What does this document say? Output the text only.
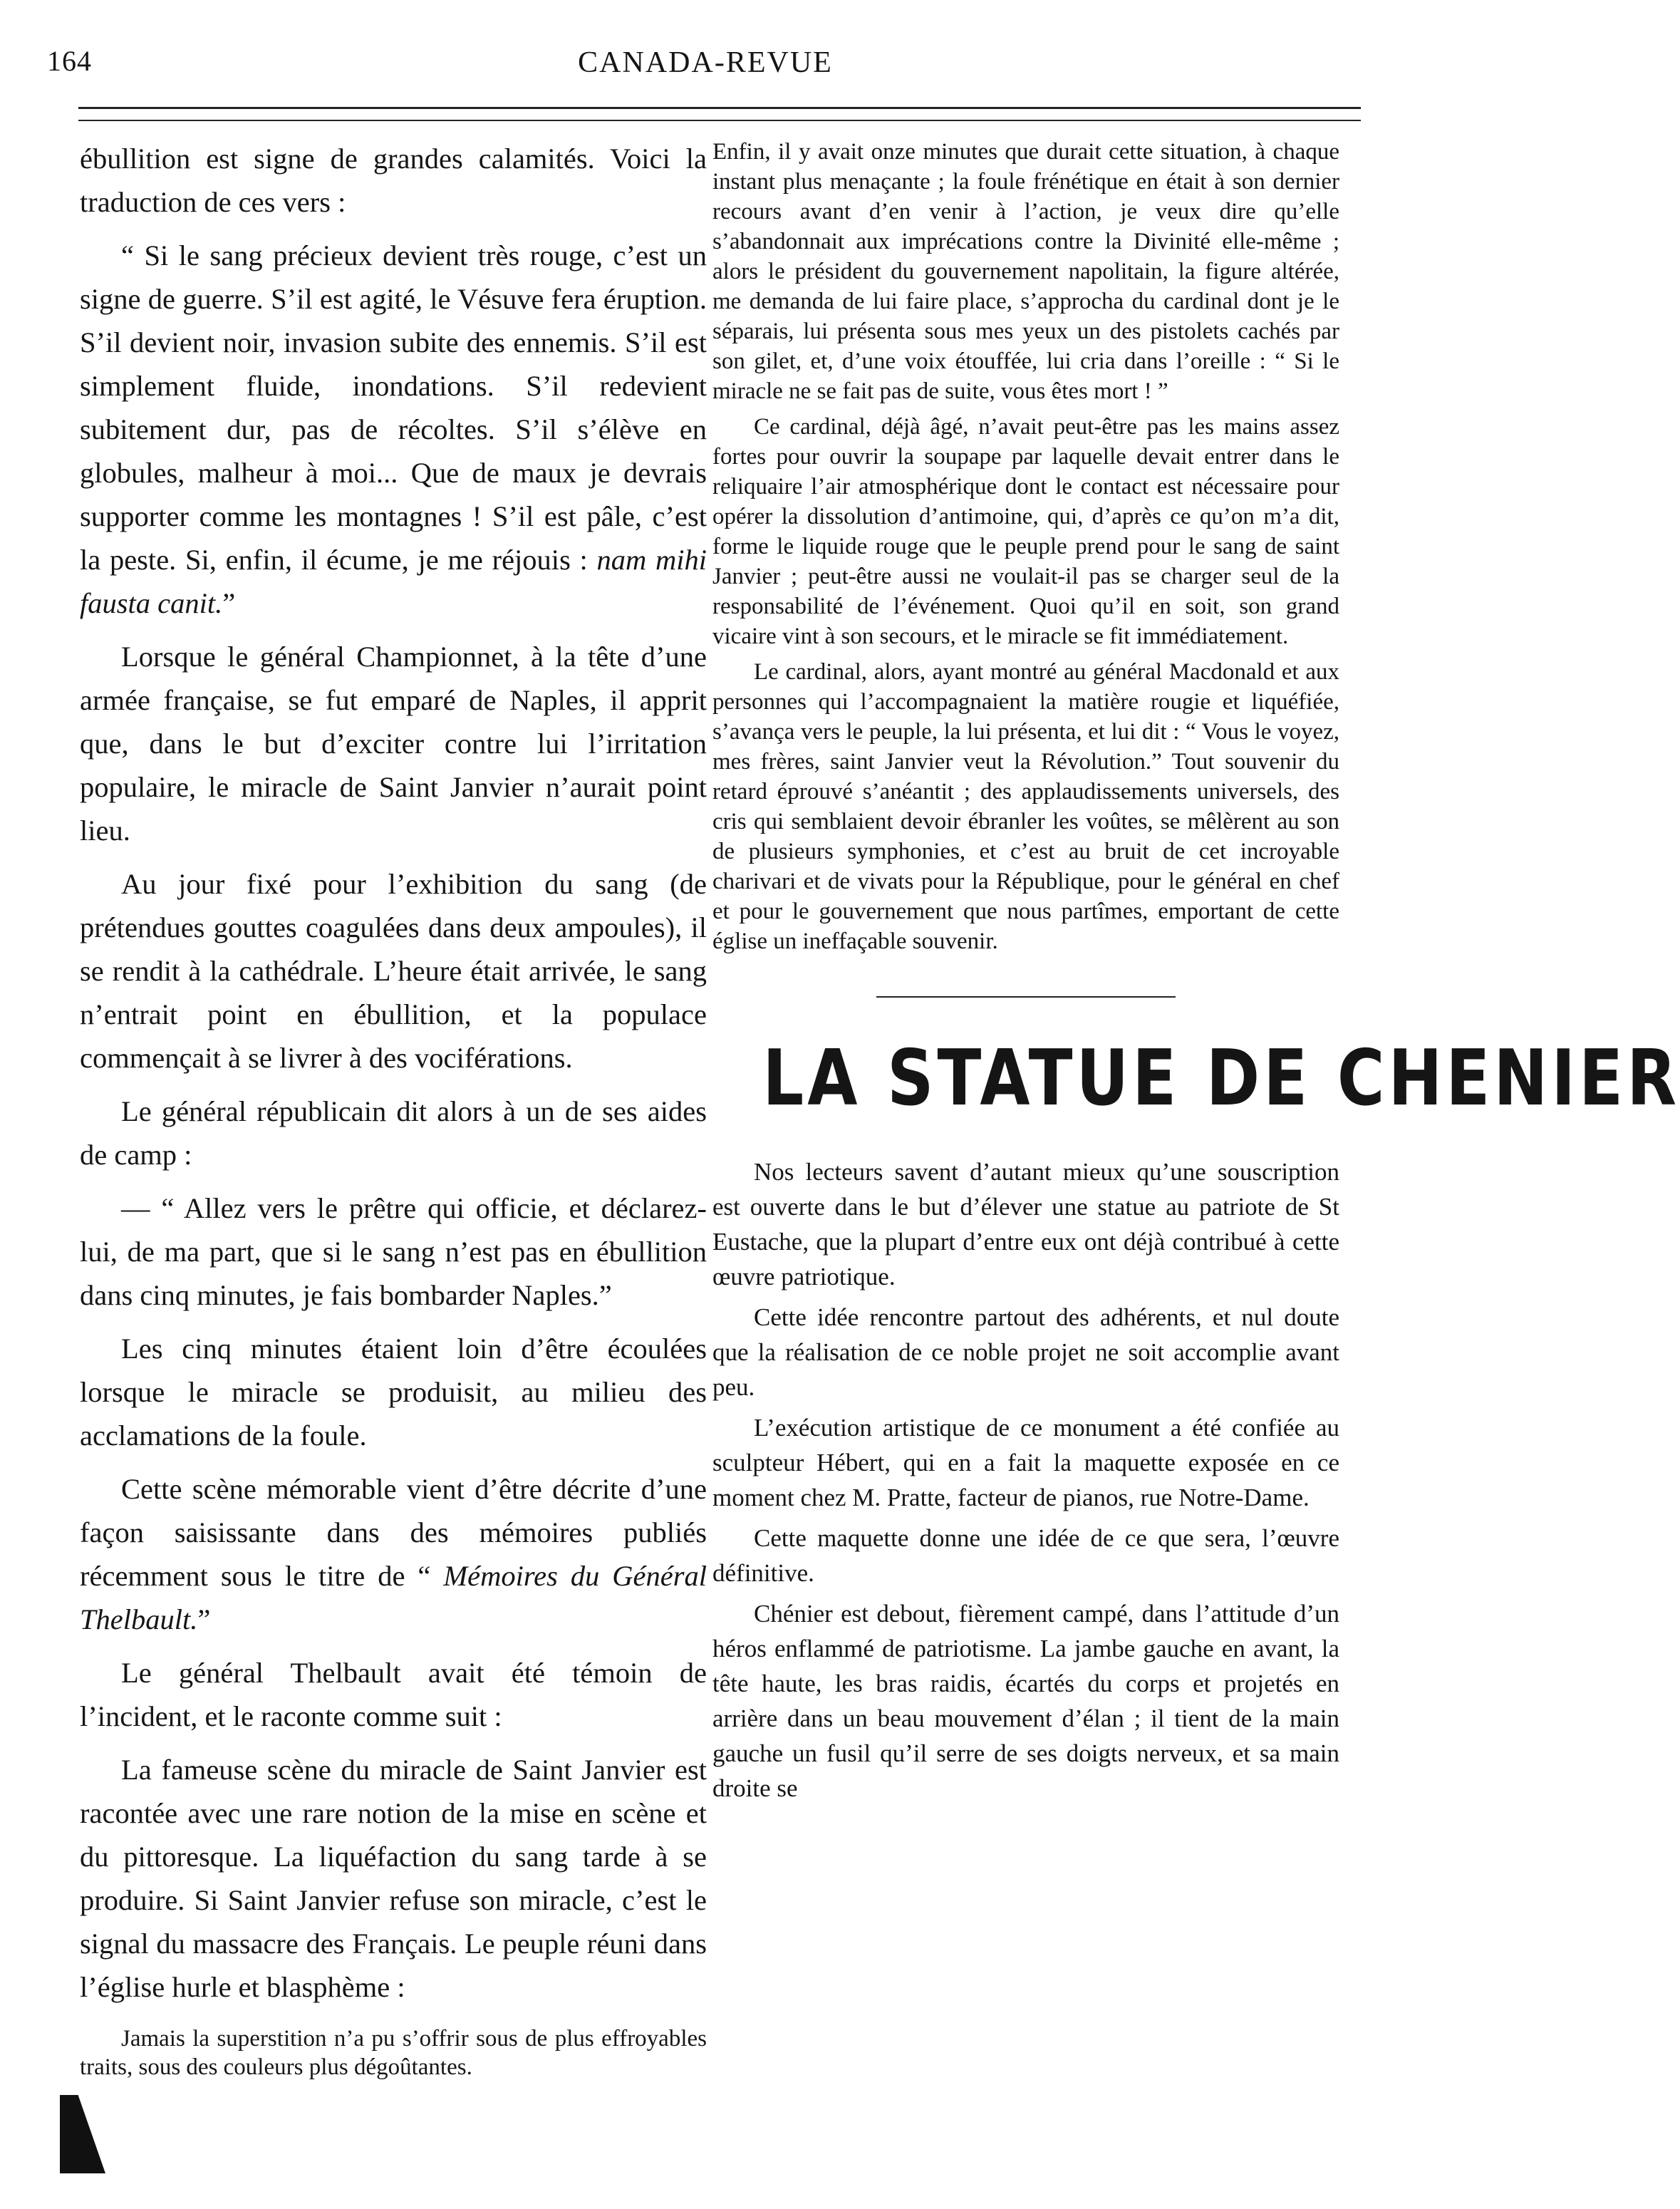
164	CANADA-REVUE

ébullition est signe de grandes calamités. Voici la traduction de ces vers :

“ Si le sang précieux devient très rouge, c’est un signe de guerre. S’il est agité, le Vésuve fera éruption. S’il devient noir, invasion subite des ennemis. S’il est simplement fluide, inondations. S’il redevient subitement dur, pas de récoltes. S’il s’élève en globules, malheur à moi... Que de maux je devrais supporter comme les montagnes ! S’il est pâle, c’est la peste. Si, enfin, il écume, je me réjouis : nam mihi fausta canit.”

Lorsque le général Championnet, à la tête d’une armée française, se fut emparé de Naples, il apprit que, dans le but d’exciter contre lui l’irritation populaire, le miracle de Saint Janvier n’aurait point lieu.

Au jour fixé pour l’exhibition du sang (de prétendues gouttes coagulées dans deux ampoules), il se rendit à la cathédrale. L’heure était arrivée, le sang n’entrait point en ébullition, et la populace commençait à se livrer à des vociférations.

Le général républicain dit alors à un de ses aides de camp :

— “ Allez vers le prêtre qui officie, et déclarez-lui, de ma part, que si le sang n’est pas en ébullition dans cinq minutes, je fais bombarder Naples.”

Les cinq minutes étaient loin d’être écoulées lorsque le miracle se produisit, au milieu des acclamations de la foule.

Cette scène mémorable vient d’être décrite d’une façon saisissante dans des mémoires publiés récemment sous le titre de “ Mémoires du Général Thelbault.”

Le général Thelbault avait été témoin de l’incident, et le raconte comme suit :

La fameuse scène du miracle de Saint Janvier est racontée avec une rare notion de la mise en scène et du pittoresque. La liquéfaction du sang tarde à se produire. Si Saint Janvier refuse son miracle, c’est le signal du massacre des Français. Le peuple réuni dans l’église hurle et blasphème :

Jamais la superstition n’a pu s’offrir sous de plus effroyables traits, sous des couleurs plus dégoûtantes.

Enfin, il y avait onze minutes que durait cette situation, à chaque instant plus menaçante ; la foule frénétique en était à son dernier recours avant d’en venir à l’action, je veux dire qu’elle s’abandonnait aux imprécations contre la Divinité elle-même ; alors le président du gouvernement napolitain, la figure altérée, me demanda de lui faire place, s’approcha du cardinal dont je le séparais, lui présenta sous mes yeux un des pistolets cachés par son gilet, et, d’une voix étouffée, lui cria dans l’oreille : “ Si le miracle ne se fait pas de suite, vous êtes mort ! ”

Ce cardinal, déjà âgé, n’avait peut-être pas les mains assez fortes pour ouvrir la soupape par laquelle devait entrer dans le reliquaire l’air atmosphérique dont le contact est nécessaire pour opérer la dissolution d’antimoine, qui, d’après ce qu’on m’a dit, forme le liquide rouge que le peuple prend pour le sang de saint Janvier ; peut-être aussi ne voulait-il pas se charger seul de la responsabilité de l’événement. Quoi qu’il en soit, son grand vicaire vint à son secours, et le miracle se fit immédiatement.

Le cardinal, alors, ayant montré au général Macdonald et aux personnes qui l’accompagnaient la matière rougie et liquéfiée, s’avança vers le peuple, la lui présenta, et lui dit : “ Vous le voyez, mes frères, saint Janvier veut la Révolution.” Tout souvenir du retard éprouvé s’anéantit ; des applaudissements universels, des cris qui semblaient devoir ébranler les voûtes, se mêlèrent au son de plusieurs symphonies, et c’est au bruit de cet incroyable charivari et de vivats pour la République, pour le général en chef et pour le gouvernement que nous partîmes, emportant de cette église un ineffaçable souvenir.

LA STATUE DE CHENIER

Nos lecteurs savent d’autant mieux qu’une souscription est ouverte dans le but d’élever une statue au patriote de St Eustache, que la plupart d’entre eux ont déjà contribué à cette œuvre patriotique.

Cette idée rencontre partout des adhérents, et nul doute que la réalisation de ce noble projet ne soit accomplie avant peu.

L’exécution artistique de ce monument a été confiée au sculpteur Hébert, qui en a fait la maquette exposée en ce moment chez M. Pratte, facteur de pianos, rue Notre-Dame.

Cette maquette donne une idée de ce que sera, l’œuvre définitive.

Chénier est debout, fièrement campé, dans l’attitude d’un héros enflammé de patriotisme. La jambe gauche en avant, la tête haute, les bras raidis, écartés du corps et projetés en arrière dans un beau mouvement d’élan ; il tient de la main gauche un fusil qu’il serre de ses doigts nerveux, et sa main droite se
